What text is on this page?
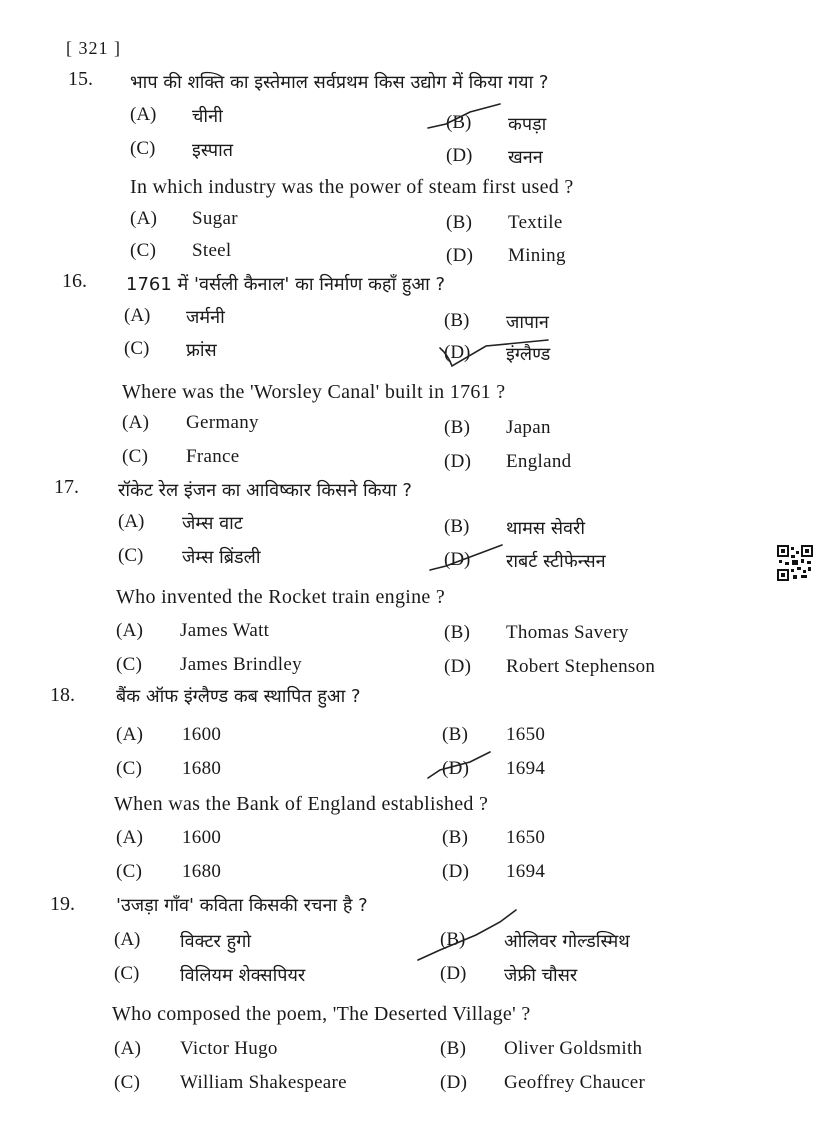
[ 321 ]
15. भाप की शक्ति का इस्तेमाल सर्वप्रथम किस उद्योग में किया गया ?
(A) चीनी	(B) कपड़ा
(C) इस्पात	(D) खनन
In which industry was the power of steam first used ?
(A) Sugar	(B) Textile
(C) Steel	(D) Mining
16. 1761 में 'वर्सली कैनाल' का निर्माण कहाँ हुआ ?
(A) जर्मनी	(B) जापान
(C) फ्रांस	(D) इंग्लैण्ड
Where was the 'Worsley Canal' built in 1761 ?
(A) Germany	(B) Japan
(C) France	(D) England
17. रॉकेट रेल इंजन का आविष्कार किसने किया ?
(A) जेम्स वाट	(B) थामस सेवरी
(C) जेम्स ब्रिंडली	(D) राबर्ट स्टीफेन्सन
Who invented the Rocket train engine ?
(A) James Watt	(B) Thomas Savery
(C) James Brindley	(D) Robert Stephenson
18. बैंक ऑफ इंग्लैण्ड कब स्थापित हुआ ?
(A) 1600	(B) 1650
(C) 1680	(D) 1694
When was the Bank of England established ?
(A) 1600	(B) 1650
(C) 1680	(D) 1694
19. 'उजड़ा गाँव' कविता किसकी रचना है ?
(A) विक्टर हुगो	(B) ओलिवर गोल्डस्मिथ
(C) विलियम शेक्सपियर	(D) जेफ्री चौसर
Who composed the poem, 'The Deserted Village' ?
(A) Victor Hugo	(B) Oliver Goldsmith
(C) William Shakespeare	(D) Geoffrey Chaucer
